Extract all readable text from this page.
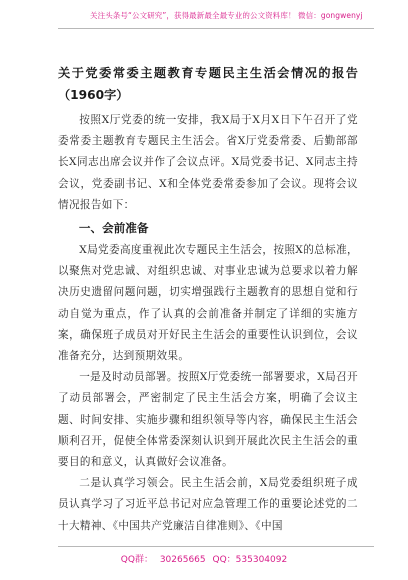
关注头条号“公文研究”，获得最新最全最专业的公文资料库！ 微信：gongwenyj
关于党委常委主题教育专题民主生活会情况的报告（1960字）

按照X厅党委的统一安排，我X局于X月X日下午召开了党委常委主题教育专题民主生活会。省X厅党委常委、后勤部部长X同志出席会议并作了会议点评。X局党委书记、X同志主持会议，党委副书记、X和全体党委常委参加了会议。现将会议情况报告如下：

一、会前准备

X局党委高度重视此次专题民主生活会，按照X的总标准，以聚焦对党忠诚、对组织忠诚、对事业忠诚为总要求以着力解决历史遗留问题问题，切实增强践行主题教育的思想自觉和行动自觉为重点，作了认真的会前准备并制定了详细的实施方案，确保班子成员对开好民主生活会的重要性认识到位，会议准备充分，达到预期效果。

一是及时动员部署。按照X厅党委统一部署要求，X局召开了动员部署会，严密制定了民主生活会方案，明确了会议主题、时间安排、实施步骤和组织领导等内容，确保民主生活会顺利召开，促使全体常委深刻认识到开展此次民主生活会的重要目的和意义，认真做好会议准备。

二是认真学习领会。民主生活会前，X局党委组织班子成员认真学习了习近平总书记对应急管理工作的重要论述党的二十大精神、《中国共产党廉洁自律准则》、《中国

QQ群： 30265665 QQ：535304092
